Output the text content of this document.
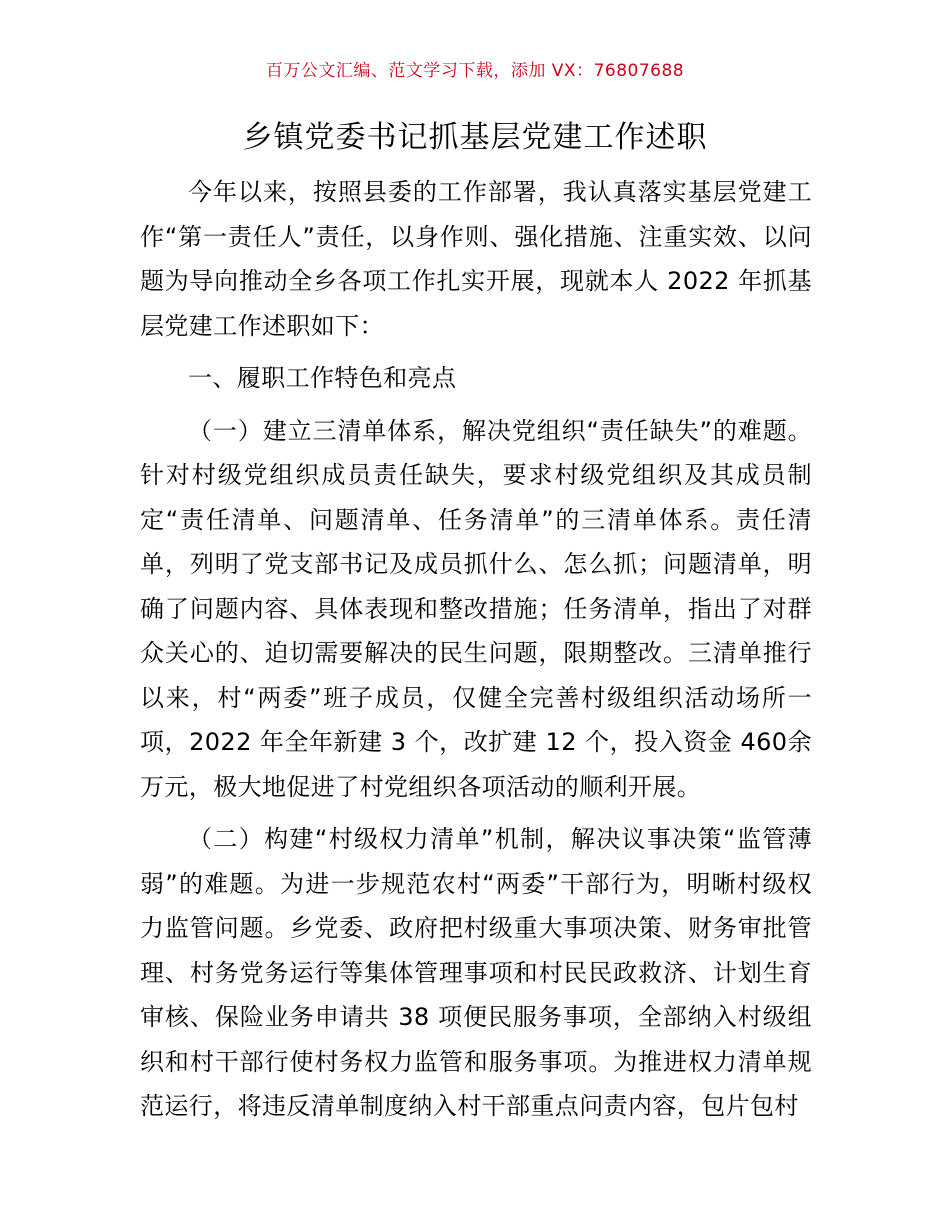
百万公文汇编、范文学习下载，添加 VX：76807688
乡镇党委书记抓基层党建工作述职

今年以来，按照县委的工作部署，我认真落实基层党建工作“第一责任人”责任，以身作则、强化措施、注重实效、以问题为导向推动全乡各项工作扎实开展，现就本人 2022 年抓基层党建工作述职如下：

一、履职工作特色和亮点

（一）建立三清单体系，解决党组织“责任缺失”的难题。针对村级党组织成员责任缺失，要求村级党组织及其成员制定“责任清单、问题清单、任务清单”的三清单体系。责任清单，列明了党支部书记及成员抓什么、怎么抓；问题清单，明确了问题内容、具体表现和整改措施；任务清单，指出了对群众关心的、迫切需要解决的民生问题，限期整改。三清单推行以来，村“两委”班子成员，仅健全完善村级组织活动场所一项，2022 年全年新建 3 个，改扩建 12 个，投入资金 460余万元，极大地促进了村党组织各项活动的顺利开展。

（二）构建“村级权力清单”机制，解决议事决策“监管薄弱”的难题。为进一步规范农村“两委”干部行为，明晰村级权力监管问题。乡党委、政府把村级重大事项决策、财务审批管理、村务党务运行等集体管理事项和村民民政救济、计划生育审核、保险业务申请共 38 项便民服务事项，全部纳入村级组织和村干部行使村务权力监管和服务事项。为推进权力清单规范运行，将违反清单制度纳入村干部重点问责内容，包片包村
